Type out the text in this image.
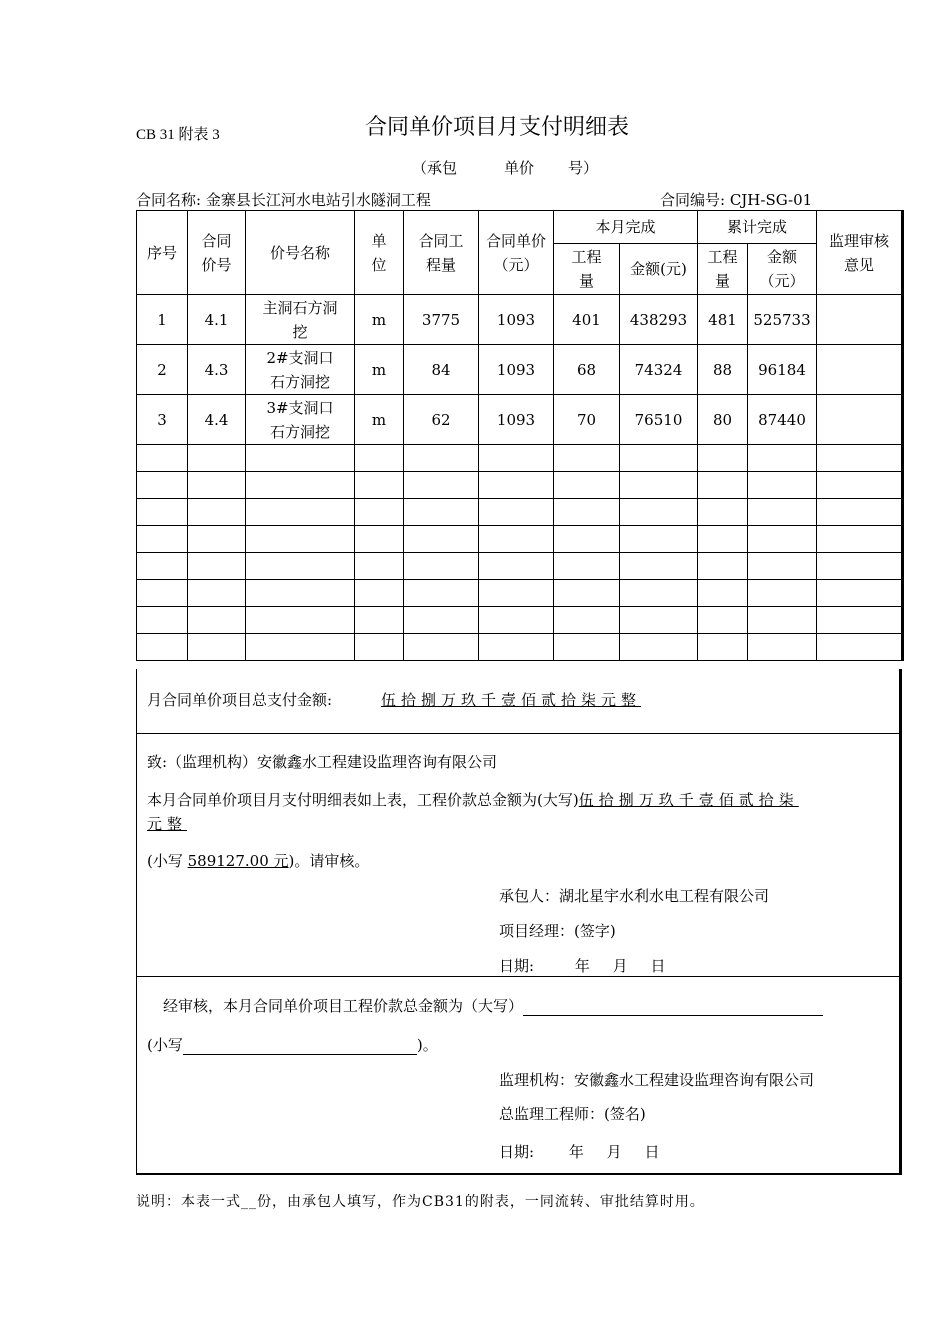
CB 31 附表 3	合同单价项目月支付明细表
（承包	单价 号）
合同名称: 金寨县长江河水电站引水隧洞工程	合同编号: CJH-SG-01
序号	合同价号	价号名称	单位	合同工程量	合同单价（元）	本月完成		累计完成		监理审核意见

						工程量	金额(元)	工程量	金额（元）	

1	4.1	主洞石方洞挖	m	3775	1093	401	438293	481	525733	
2	4.3	2#支洞口石方洞挖	m	84	1093	68	74324	88	96184	
3	4.4	3#支洞口石方洞挖	m	62	1093	70	76510	80	87440	

月合同单价项目总支付金额:	伍拾捌万玖千壹佰贰拾柒元整
致:（监理机构）安徽鑫水工程建设监理咨询有限公司
本月合同单价项目月支付明细表如上表，工程价款总金额为(大写)伍拾捌万玖千壹佰贰拾柒
元整
(小写 589127.00 元)。请审核。
承包人：湖北星宇水利水电工程有限公司
项目经理：(签字)
日期:	年 月 日
经审核，本月合同单价项目工程价款总金额为（大写）
(小写	)。
监理机构：安徽鑫水工程建设监理咨询有限公司
总监理工程师：(签名)
日期: 年 月 日
说明：本表一式__份，由承包人填写，作为CB31的附表，一同流转、审批结算时用。
